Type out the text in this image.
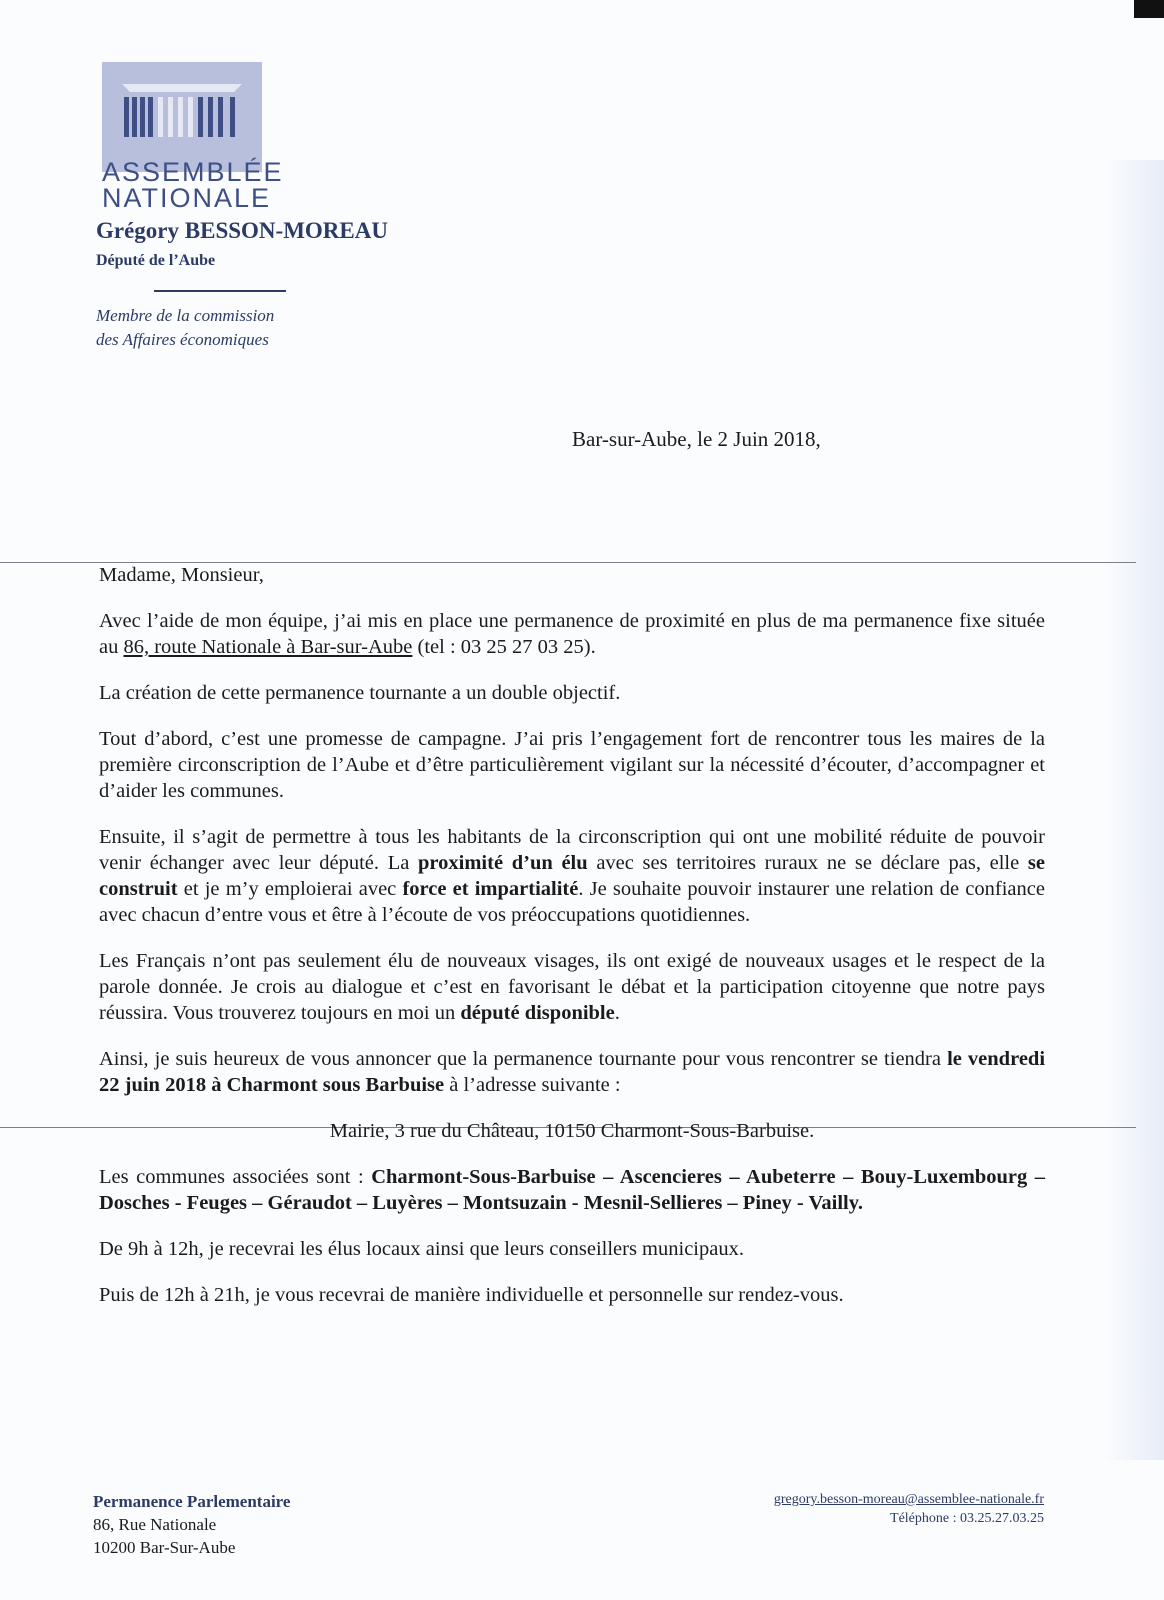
ASSEMBLÉE
NATIONALE
Grégory BESSON-MOREAU
Député de l’Aube
Membre de la commission
des Affaires économiques
Bar-sur-Aube, le 2 Juin 2018,

Madame, Monsieur,

Avec l’aide de mon équipe, j’ai mis en place une permanence de proximité en plus de ma permanence fixe située au 86, route Nationale à Bar-sur-Aube (tel : 03 25 27 03 25).

La création de cette permanence tournante a un double objectif.

Tout d’abord, c’est une promesse de campagne. J’ai pris l’engagement fort de rencontrer tous les maires de la première circonscription de l’Aube et d’être particulièrement vigilant sur la nécessité d’écouter, d’accompagner et d’aider les communes.

Ensuite, il s’agit de permettre à tous les habitants de la circonscription qui ont une mobilité réduite de pouvoir venir échanger avec leur député. La proximité d’un élu avec ses territoires ruraux ne se déclare pas, elle se construit et je m’y emploierai avec force et impartialité. Je souhaite pouvoir instaurer une relation de confiance avec chacun d’entre vous et être à l’écoute de vos préoccupations quotidiennes.

Les Français n’ont pas seulement élu de nouveaux visages, ils ont exigé de nouveaux usages et le respect de la parole donnée. Je crois au dialogue et c’est en favorisant le débat et la participation citoyenne que notre pays réussira. Vous trouverez toujours en moi un député disponible.

Ainsi, je suis heureux de vous annoncer que la permanence tournante pour vous rencontrer se tiendra le vendredi 22 juin 2018 à Charmont sous Barbuise à l’adresse suivante :

Mairie, 3 rue du Château, 10150 Charmont-Sous-Barbuise.

Les communes associées sont : Charmont-Sous-Barbuise – Ascencieres – Aubeterre – Bouy-Luxembourg – Dosches - Feuges – Géraudot – Luyères – Montsuzain - Mesnil-Sellieres – Piney - Vailly.

De 9h à 12h, je recevrai les élus locaux ainsi que leurs conseillers municipaux.

Puis de 12h à 21h, je vous recevrai de manière individuelle et personnelle sur rendez-vous.

Permanence Parlementaire
86, Rue Nationale
10200 Bar-Sur-Aube
gregory.besson-moreau@assemblee-nationale.fr
Téléphone : 03.25.27.03.25
